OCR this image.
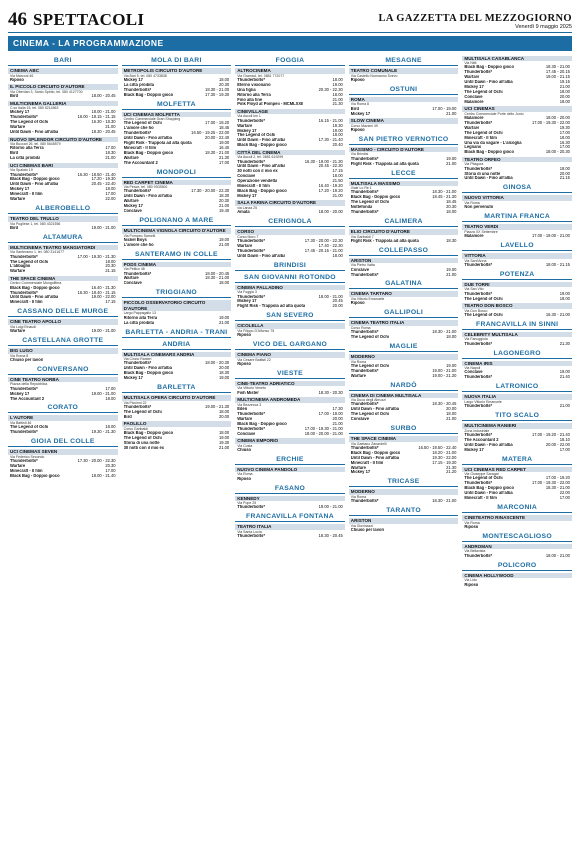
46 SPETTACOLI	LA GAZZETTA DEL MEZZOGIORNO
Venerdì 9 maggio 2025
CINEMA - LA PROGRAMMAZIONE
BARI
CINEMA ABC
Via Marconi 46
Riposo
IL PICCOLO CIRCUITO D'AUTORE
Via Oberdan 3, Santo Spirito, tel. 080 4127700
Bird	18.00 - 20.45
MULTICINEMA GALLERIA
C.so Italia 15, tel. 080 5214563
Mickey 17	18.00 - 21.00
Thunderbolts*	16.00 - 18.15 - 21.15
The Legend of Ochi	16.30 - 18.30
Warfare	21.00
Until Dawn - Fino all'alba	18.30 - 20.45
NUOVO SPLENDOR CIRCUITO D'AUTORE
Via Buccari 26, tel. 080 5648579
Ritorno alla Terra	17.00
Bird	18.30
La città proibita	21.00
UCI CINEMAS BARI
Via Spalato 19
Thunderbolts*	16.30 - 18.50 - 21.40
Black Bag - Doppio gioco	17.20 - 19.30
Until Dawn - Fino all'alba	20.45 - 22.40
Mickey 17	18.00
Minecraft - Il film	17.00
Warfare	22.00
ALBEROBELLO
TEATRO DEL TRULLO
Via Pugliese 1, tel. 080 4321556
Bird	19.00 - 21.00
ALTAMURA
MULTICINEMA TEATRO MANGIATORDI
Via Santeramo 1, tel. 080 3141677
Thunderbolts*	17.00 - 19.30 - 21.30
The Legend of Ochi	18.00
L'abbaglio	20.30
Warfare	21.15
THE SPACE CINEMA
Centro Commerciale Mongolfiera
Black Bag - Doppio gioco	16.40 - 21.30
Thunderbolts*	16.30 - 18.40 - 21.15
Until Dawn - Fino all'alba	19.00 - 22.00
Minecraft - Il film	17.15
CASSANO DELLE MURGE
CINE TEATRO APOLLO
Via Luigi Einaudi
Warfare	19.00 - 21.00
CASTELLANA GROTTE
BIG LUGO
Via Roma 8
Chiuso per lavori
CONVERSANO
CINE TEATRO NORBA
Piazza della Repubblica
Thunderbolts*	17.00
Mickey 17	19.00 - 21.00
The Accountant 2	18.00
CORATO
L'AUTORE
Via Battisti 46
The Legend of Ochi	18.00
Thunderbolts*	19.30 - 21.30
GIOIA DEL COLLE
UCI CINEMAS SEVEN
Via Federico Secondo
Thunderbolts*	17.30 - 20.00 - 22.30
Warfare	20.30
Minecraft - Il film	17.00
Black Bag - Doppio gioco	18.00 - 21.40
MOLA DI BARI
METROPOLIS CIRCUITO D'AUTORE
Via Bari 5, tel. 080 4733838
Mickey 17	18.00
La città proibita	20.30
Thunderbolts*	18.30 - 21.00
Black Bag - Doppio gioco	17.30 - 19.30
MOLFETTA
UCI CINEMAS MOLFETTA
Centro Commerciale Gran Shopping
The Legend of Ochi	17.00 - 18.20
L'amore che ho	18.45
Thunderbolts*	16.50 - 19.25 - 22.00
Until Dawn - Fino all'alba	20.00 - 22.40
Flight Risk - Trappola ad alta quota	19.00
Minecraft - Il film	16.40
Black Bag - Doppio gioco	18.30 - 21.00
Warfare	21.30
The Accountant 2	17.00
MONOPOLI
RED CARPET CINEMA
Via Pesce, tel. 080 9303500
Thunderbolts*	17.30 - 20.00 - 22.30
Until Dawn - Fino all'alba	18.30
Warfare	20.30
Mickey 17	21.00
Conclave	19.40
POLIGNANO A MARE
MULTICINEMA VIGNOLA CIRCUITO D'AUTORE
Via Pompeo Sarnelli
Nickel Boys	19.00
L'amore che ho	21.00
SANTERAMO IN COLLE
PODS CINEMA
Via Pellico 48
Thunderbolts*	18.00 - 20.45
Warfare	18.30 - 21.00
Conclave	18.00
TRIGGIANO
PICCOLO OSSERVATORIO CIRCUITO D'AUTORE
Largo Pappagallo 13
Ritorno alla Terra	19.00
La città proibita	21.00
BARLETTA - ANDRIA - TRANI
ANDRIA
MULTISALA CINEMARS ANDRIA
Via Cinzio Ranieri
Thunderbolts*	18.00 - 20.30
Until Dawn - Fino all'alba	20.00
Black Bag - Doppio gioco	18.30
Mickey 17	19.00
BARLETTA
MULTISALA OPERA CIRCUITO D'AUTORE
Via Piccinni 22
Thunderbolts*	19.00 - 21.30
The Legend of Ochi	18.00
Bird	20.00
PAOLILLO
Corso Garibaldi
Black Bag - Doppio gioco	18.00
The Legend of Ochi	19.00
Storia di una notte	19.30
30 notti con il mio ex	21.00
FOGGIA
ALTROCINEMA
Via Gramsci, tel. 0881 772077
Thunderbolts*	18.00
Eterno visionario	19.00
Una figlia	20.30 - 22.30
Ritorno alla Terra	18.00
Fino alla fine	21.00
Pink Floyd at Pompeii - MCMLXXII	21.30
CINEVILLAGE
Via Ascoli km 1
Thunderbolts*	16.15 - 21.00
Warfare	19.30
Mickey 17	19.00
The Legend of Ochi	18.00
Until Dawn - Fino all'alba	17.30 - 21.40
Black Bag - Doppio gioco	20.40
CITTÀ DEL CINEMA
Via Ascoli 2, tel. 0881 619299
Thunderbolts*	16.30 - 19.00 - 21.30
Until Dawn - Fino all'alba	20.45 - 22.30
30 notti con il mio ex	17.15
Conclave	18.00
Operazione vendetta	21.50
Minecraft - Il film	16.40 - 19.20
Black Bag - Doppio gioco	17.20 - 19.20
Mickey 17	21.00
SALA FARINA CIRCUITO D'AUTORE
via Lanza 25
Amata	18.00 - 20.00
CERIGNOLA
CORSO
Corso Moro 7
Thunderbolts*	17.30 - 20.00 - 22.30
Warfare	17.40 - 22.30
Thunderbolts*	17.45 - 20.15 - 21.00
Until Dawn - Fino all'alba	18.00
BRINDISI
SAN GIOVANNI ROTONDO
CINEMA PALLADINO
Via Foggia 3
Thunderbolts*	18.00 - 21.00
Mickey 17	20.45
Flight Risk - Trappola ad alta quota	20.00
SAN SEVERO
CICOLELLA
Via Filippo D'Alfonso 75
Riposo
VICO DEL GARGANO
CINEMA PIANO
Via Cesare Battisti 22
Riposo
VIESTE
CINE-TEATRO ADRIATICO
Via Vittorio Veneto
Fish Mister	18.30 - 20.30
MULTICINEMA ANDROMEDA
Via Bezzecca 3
Eden	17.30
Thunderbolts*	17.00 - 19.00
Warfare	20.00
Black Bag - Doppio gioco	21.00
Thunderbolts*	17.00 - 19.30 - 21.00
Conclave	18.00 - 20.00 - 21.00
CINEMA EMPORIO
Via Costa
Chiuso
ERCHIE
NUOVO CINEMA PANDOLO
Via Roma
Riposo
FASANO
KENNEDY
Via Pope 25
Thunderbolts*	19.00 - 21.00
FRANCAVILLA FONTANA
TEATRO ITALIA
Via Santa Lucia
Thunderbolts*	18.30 - 20.45
MESAGNE
TEATRO COMUNALE
Via Castello Normanno Svevo
Riposo
OSTUNI
ROMA
Via Roma 8
Bird	17.00 - 19.00
Mickey 17	21.00
SLOW CINEMA
Corso Mazzini 49
Riposo
SAN PIETRO VERNOTICO
MASSIMO - CIRCUITO D'AUTORE
Via Brindisi
Thunderbolts*	19.00
Flight Risk - Trappola ad alta quota	21.00
LECCE
MULTISALA MASSIMO
Viale Lo Re 1
Thunderbolts*	18.30 - 21.00
Black Bag - Doppio gioco	18.45 - 21.30
The Legend of Ochi	18.45
Nottefonda	20.30
Thunderbolts*	18.00
CALIMERA
ELIO CIRCUITO D'AUTORE
Via Garibaldi 7
Flight Risk - Trappola ad alta quota	18.30
COLLEPASSO
ARISTON
Via Pietro Vatta
Conclave	19.00
Thunderbolts*	21.00
GALATINA
CINEMA TARTARO
Via Vittorio Emanuele
Riposo
GALLIPOLI
CINEMA TEATRO ITALIA
Corso Roma
Thunderbolts*	18.30 - 21.00
The Legend of Ochi	18.00
MAGLIE
MODERNO
Via Roma
The Legend of Ochi	19.00
Thunderbolts*	19.00 - 21.00
Warfare	19.00 - 21.30
NARDÒ
CINEMA DI CINEMA MULTISALA
Via Duca degli Abruzzi
Thunderbolts*	18.30 - 20.45
Until Dawn - Fino all'alba	20.00
The Legend of Ochi	18.00
Conclave	21.00
SURBO
THE SPACE CINEMA
Via Gaetano Zanardelli
Thunderbolts*	16.50 - 19.50 - 22.40
Black Bag - Doppio gioco	18.20 - 21.00
Until Dawn - Fino all'alba	19.30 - 22.00
Minecraft - Il film	17.15 - 19.30
Warfare	21.30
Mickey 17	21.20
TRICASE
MODERNO
Via Roma
Thunderbolts*	18.30 - 21.00
TARANTO
ARISTON
Via Giovinazzi
Chiuso per lavori
MULTISALA CASABLANCA
Via Nitti
Black Bag - Doppio gioco	18.30 - 21.00
Thunderbolts*	17.45 - 20.15
Warfare	19.00 - 21.15
Until Dawn - Fino all'alba	19.15
Mickey 17	21.00
The Legend of Ochi	18.00
Conclave	20.00
Malamore	18.00
UCI CINEMAS
Centro Commerciale Porte dello Jonio
Malamore	18.00 - 20.00
Thunderbolts*	17.00 - 19.30 - 22.00
Warfare	19.30
The Legend of Ochi	17.00
Minecraft - Il film	18.00
Una via da vagare - L'alcoglia	16.30
Legnano	17.00
Black Bag - Doppio gioco	18.00 - 20.30
TEATRO ORFEO
Via Pitagora
Thunderbolts*	18.00
Storia di una notte	20.00
Until Dawn - Fino all'alba	21.15
GINOSA
NUOVO VITTORIA
Via Roma
Non pervenuto
MARTINA FRANCA
TEATRO VERDI
Piazza XX Settembre
Malamore	17.00 - 19.00 - 21.00
LAVELLO
VITTORIA
Via Sant'Anna
Thunderbolts*	18.00 - 21.15
POTENZA
DUE TORRI
Via San Vito
Thunderbolts*	19.00
The Legend of Ochi	18.00
TEATRO DON BOSCO
Via Don Bosco
The Legend of Ochi	16.30 - 21.00
FRANCAVILLA IN SINNI
CELEBRITY MULTISALA
Via Fanuggiola
Thunderbolts*	21.30
LAGONEGRO
CINEMA IRIS
Via Napoli
Conclave	19.00
Thunderbolts*	21.40
LATRONICO
NUOVA ITALIA
Largo Vittorio Emanuele
Thunderbolts*	21.00
TITO SCALO
MULTICINEMA RANIERI
Zona industriale
Thunderbolts*	17.00 - 19.20 - 21.40
The Accountant 2	18.10
Until Dawn - Fino all'alba	20.00 - 22.00
Mickey 17	17.00
MATERA
UCI CINEMAS RED CARPET
Via Giuseppe Saragat
The Legend of Ochi	17.00 - 19.20
Thunderbolts*	17.00 - 19.30 - 22.00
Black Bag - Doppio gioco	18.30 - 21.00
Until Dawn - Fino all'alba	22.00
Minecraft - Il film	17.00
MARCONIA
CINETEATRO RINASCENTE
Via Roma
Riposo
MONTESCAGLIOSO
ANDROMAN
Via Bellavista
Thunderbolts*	18.00 - 21.00
POLICORO
CINEMA HOLLYWOOD
Via Lido
Riposo
